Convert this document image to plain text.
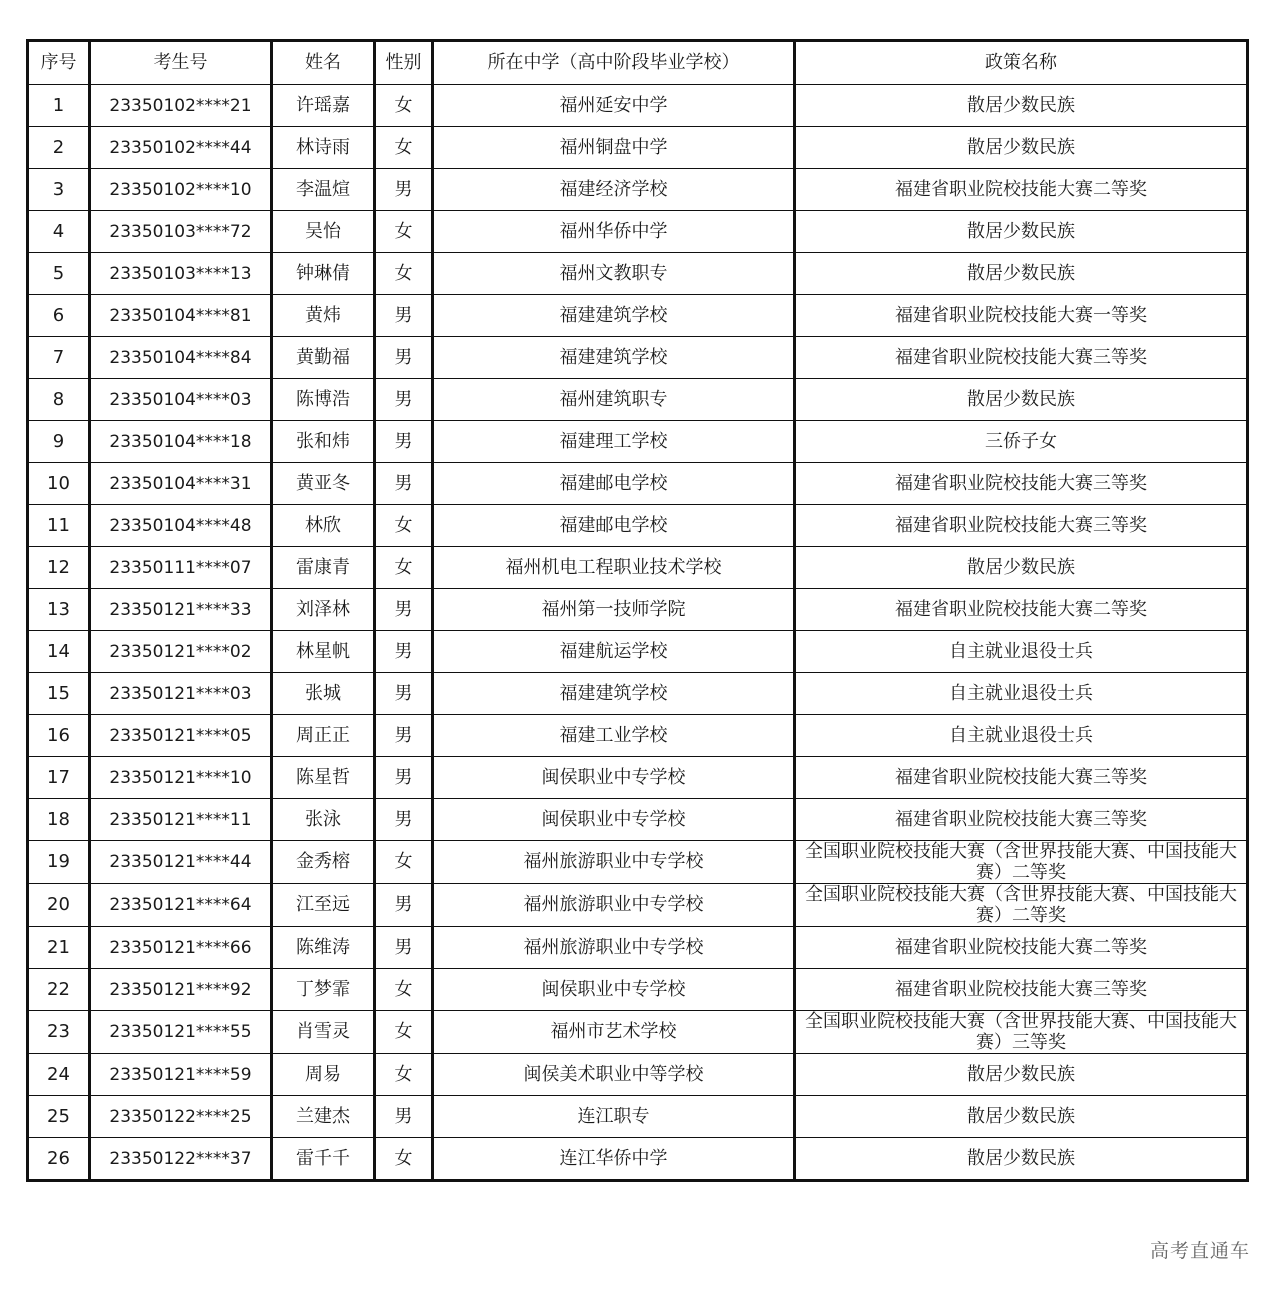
序号	考生号	姓名	性别	所在中学（高中阶段毕业学校）	政策名称
1	23350102****21	许瑶嘉	女	福州延安中学	散居少数民族
2	23350102****44	林诗雨	女	福州铜盘中学	散居少数民族
3	23350102****10	李温煊	男	福建经济学校	福建省职业院校技能大赛二等奖
4	23350103****72	吴怡	女	福州华侨中学	散居少数民族
5	23350103****13	钟琳倩	女	福州文教职专	散居少数民族
6	23350104****81	黄炜	男	福建建筑学校	福建省职业院校技能大赛一等奖
7	23350104****84	黄勤福	男	福建建筑学校	福建省职业院校技能大赛三等奖
8	23350104****03	陈博浩	男	福州建筑职专	散居少数民族
9	23350104****18	张和炜	男	福建理工学校	三侨子女
10	23350104****31	黄亚冬	男	福建邮电学校	福建省职业院校技能大赛三等奖
11	23350104****48	林欣	女	福建邮电学校	福建省职业院校技能大赛三等奖
12	23350111****07	雷康青	女	福州机电工程职业技术学校	散居少数民族
13	23350121****33	刘泽林	男	福州第一技师学院	福建省职业院校技能大赛二等奖
14	23350121****02	林星帆	男	福建航运学校	自主就业退役士兵
15	23350121****03	张城	男	福建建筑学校	自主就业退役士兵
16	23350121****05	周正正	男	福建工业学校	自主就业退役士兵
17	23350121****10	陈星哲	男	闽侯职业中专学校	福建省职业院校技能大赛三等奖
18	23350121****11	张泳	男	闽侯职业中专学校	福建省职业院校技能大赛三等奖
19	23350121****44	金秀榕	女	福州旅游职业中专学校	全国职业院校技能大赛（含世界技能大赛、中国技能大赛）二等奖
20	23350121****64	江至远	男	福州旅游职业中专学校	全国职业院校技能大赛（含世界技能大赛、中国技能大赛）二等奖
21	23350121****66	陈维涛	男	福州旅游职业中专学校	福建省职业院校技能大赛二等奖
22	23350121****92	丁梦霏	女	闽侯职业中专学校	福建省职业院校技能大赛三等奖
23	23350121****55	肖雪灵	女	福州市艺术学校	全国职业院校技能大赛（含世界技能大赛、中国技能大赛）三等奖
24	23350121****59	周易	女	闽侯美术职业中等学校	散居少数民族
25	23350122****25	兰建杰	男	连江职专	散居少数民族
26	23350122****37	雷千千	女	连江华侨中学	散居少数民族
高考直通车
